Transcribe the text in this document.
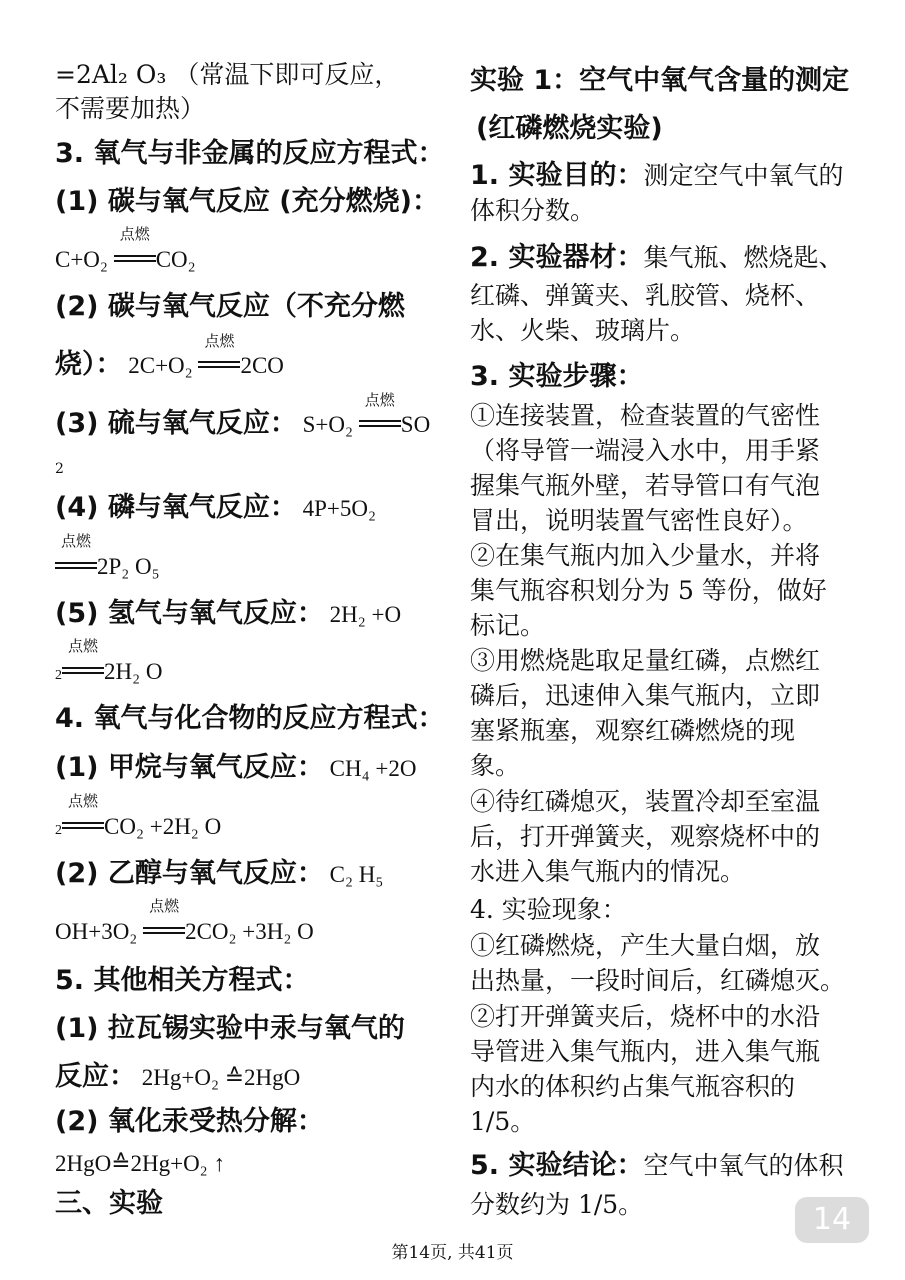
=2Al₂ O₃ （常温下即可反应，
不需要加热）
3. 氧气与非金属的反应方程式：
(1) 碳与氧气反应 (充分燃烧)：
C+O₂
点燃
CO₂
(2) 碳与氧气反应（不充分燃
烧）： 2C+O₂
点燃
2CO
(3) 硫与氧气反应： S+O₂
点燃
SO
2
(4) 磷与氧气反应： 4P+5O₂
点燃
2P₂ O₅
(5) 氢气与氧气反应： 2H₂ +O
2
点燃
2H₂ O
4. 氧气与化合物的反应方程式：
(1) 甲烷与氧气反应： CH₄ +2O
2
点燃
CO₂ +2H₂ O
(2) 乙醇与氧气反应： C₂ H₅
OH+3O₂
点燃
2CO₂ +3H₂ O
5. 其他相关方程式：
(1) 拉瓦锡实验中汞与氧气的
反应： 2Hg+O₂ ≙2HgO
(2) 氧化汞受热分解：
2HgO≙2Hg+O₂ ↑
三、实验
实验 1：空气中氧气含量的测定
(红磷燃烧实验)
1. 实验目的：测定空气中氧气的
体积分数。
2. 实验器材：集气瓶、燃烧匙、
红磷、弹簧夹、乳胶管、烧杯、
水、火柴、玻璃片。
3. 实验步骤：
①连接装置，检查装置的气密性
（将导管一端浸入水中，用手紧
握集气瓶外壁，若导管口有气泡
冒出，说明装置气密性良好）。
②在集气瓶内加入少量水，并将
集气瓶容积划分为 5 等份，做好
标记。
③用燃烧匙取足量红磷，点燃红
磷后，迅速伸入集气瓶内，立即
塞紧瓶塞，观察红磷燃烧的现
象。
④待红磷熄灭，装置冷却至室温
后，打开弹簧夹，观察烧杯中的
水进入集气瓶内的情况。
4. 实验现象：
①红磷燃烧，产生大量白烟，放
出热量，一段时间后，红磷熄灭。
②打开弹簧夹后，烧杯中的水沿
导管进入集气瓶内，进入集气瓶
内水的体积约占集气瓶容积的
1/5。
5. 实验结论：空气中氧气的体积
分数约为 1/5。	14
第14页, 共41页
